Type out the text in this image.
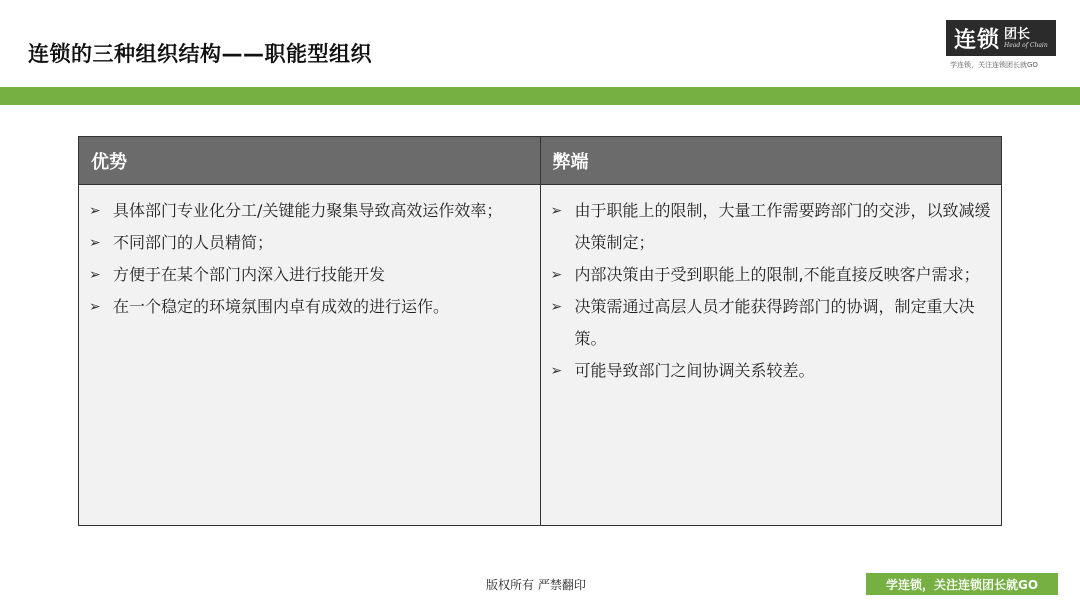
连锁的三种组织结构——职能型组织
连锁 团长
Head of Chain
学连锁，关注连锁团长就GO
优势
➢ 具体部门专业化分工/关键能力聚集导致高效运作效率；
➢ 不同部门的人员精简；
➢ 方便于在某个部门内深入进行技能开发
➢ 在一个稳定的环境氛围内卓有成效的进行运作。
弊端
➢ 由于职能上的限制，大量工作需要跨部门的交涉，以致减缓决策制定；
➢ 内部决策由于受到职能上的限制,不能直接反映客户需求；
➢ 决策需通过高层人员才能获得跨部门的协调，制定重大决策。
➢ 可能导致部门之间协调关系较差。
版权所有 严禁翻印	学连锁，关注连锁团长就GO
